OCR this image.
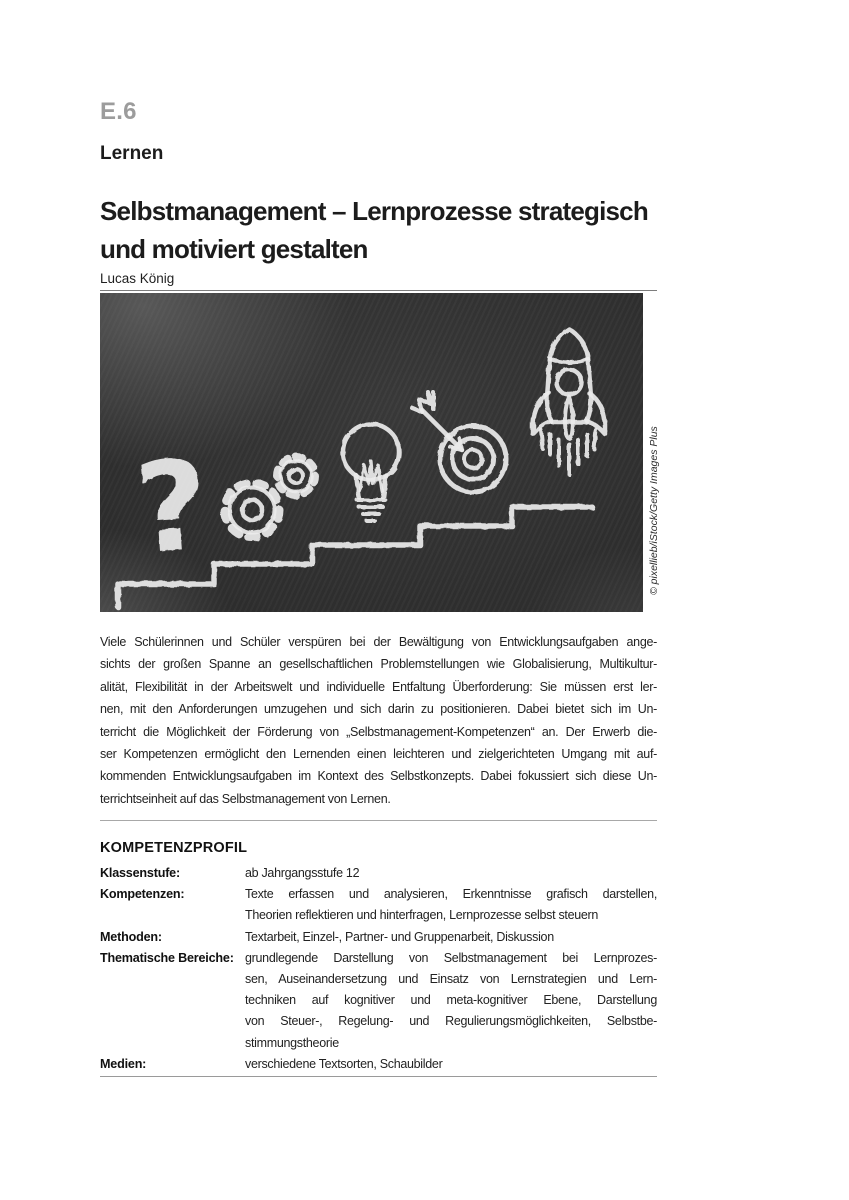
E.6
Lernen
Selbstmanagement – Lernprozesse strategisch
und motiviert gestalten
Lucas König
?	© pixellieb/iStock/Getty Images Plus
Viele Schülerinnen und Schüler verspüren bei der Bewältigung von Entwicklungsaufgaben ange-
sichts der großen Spanne an gesellschaftlichen Problemstellungen wie Globalisierung, Multikultur-
alität, Flexibilität in der Arbeitswelt und individuelle Entfaltung Überforderung: Sie müssen erst ler-
nen, mit den Anforderungen umzugehen und sich darin zu positionieren. Dabei bietet sich im Un-
terricht die Möglichkeit der Förderung von „Selbstmanagement-Kompetenzen“ an. Der Erwerb die-
ser Kompetenzen ermöglicht den Lernenden einen leichteren und zielgerichteten Umgang mit auf-
kommenden Entwicklungsaufgaben im Kontext des Selbstkonzepts. Dabei fokussiert sich diese Un-
terrichtseinheit auf das Selbstmanagement von Lernen.
KOMPETENZPROFIL
Klassenstufe:	ab Jahrgangsstufe 12
Kompetenzen:	Texte erfassen und analysieren, Erkenntnisse grafisch darstellen,
Theorien reflektieren und hinterfragen, Lernprozesse selbst steuern
Methoden:	Textarbeit, Einzel-, Partner- und Gruppenarbeit, Diskussion
Thematische Bereiche: grundlegende Darstellung von Selbstmanagement bei Lernprozes-
sen, Auseinandersetzung und Einsatz von Lernstrategien und Lern-
techniken auf kognitiver und meta-kognitiver Ebene, Darstellung
von Steuer-, Regelung- und Regulierungsmöglichkeiten, Selbstbe-
stimmungstheorie
Medien:	verschiedene Textsorten, Schaubilder
